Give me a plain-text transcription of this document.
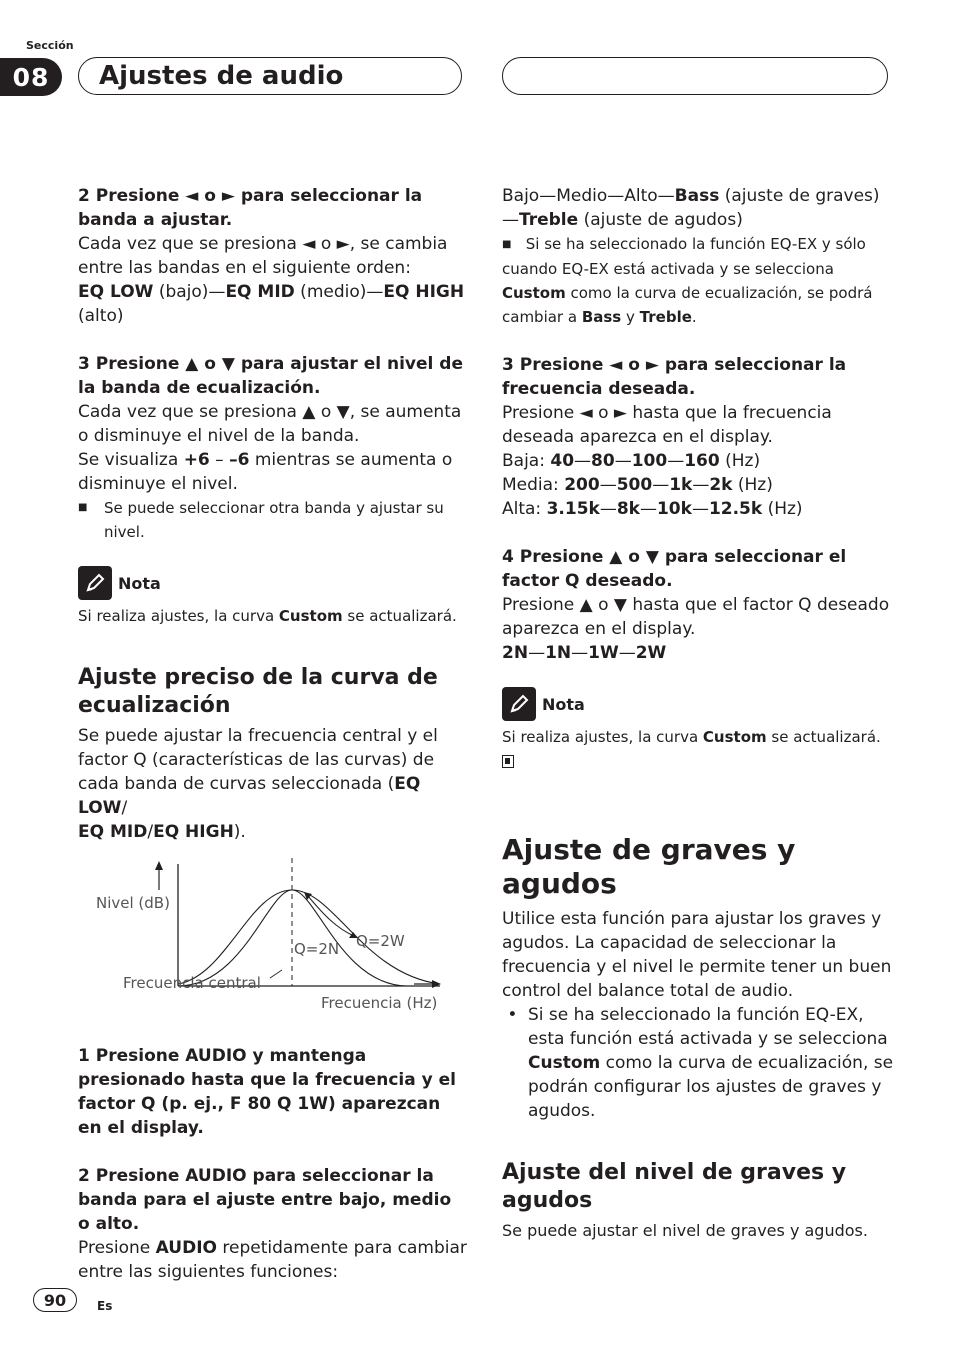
Sección
08	Ajustes de audio

2 Presione ◄ o ► para seleccionar la banda a ajustar.

Cada vez que se presiona ◄ o ►, se cambia entre las bandas en el siguiente orden:

EQ LOW (bajo)—EQ MID (medio)—EQ HIGH (alto)

3 Presione ▲ o ▼ para ajustar el nivel de la banda de ecualización.

Cada vez que se presiona ▲ o ▼, se aumenta o disminuye el nivel de la banda.

Se visualiza +6 – –6 mientras se aumenta o disminuye el nivel.

■	Se puede seleccionar otra banda y ajustar su nivel.

Nota

Si realiza ajustes, la curva Custom se actualizará.

Ajuste preciso de la curva de ecualización

Se puede ajustar la frecuencia central y el factor Q (características de las curvas) de cada banda de curvas seleccionada (EQ LOW/
EQ MID/EQ HIGH).

Nivel (dB)
Q=2N Q=2W
Frecuencia central
Frecuencia (Hz)

1 Presione AUDIO y mantenga presionado hasta que la frecuencia y el factor Q (p. ej., F 80 Q 1W) aparezcan en el display.

2 Presione AUDIO para seleccionar la banda para el ajuste entre bajo, medio o alto.

Presione AUDIO repetidamente para cambiar entre las siguientes funciones:

Bajo—Medio—Alto—Bass (ajuste de graves)
—Treble (ajuste de agudos)

■ Si se ha seleccionado la función EQ-EX y sólo cuando EQ-EX está activada y se selecciona Custom como la curva de ecualización, se podrá cambiar a Bass y Treble.

3 Presione ◄ o ► para seleccionar la frecuencia deseada.

Presione ◄ o ► hasta que la frecuencia deseada aparezca en el display.

Baja: 40—80—100—160 (Hz)

Media: 200—500—1k—2k (Hz)

Alta: 3.15k—8k—10k—12.5k (Hz)

4 Presione ▲ o ▼ para seleccionar el factor Q deseado.

Presione ▲ o ▼ hasta que el factor Q deseado aparezca en el display.

2N—1N—1W—2W

Nota

Si realiza ajustes, la curva Custom se actualizará.

Ajuste de graves y agudos

Utilice esta función para ajustar los graves y agudos. La capacidad de seleccionar la frecuencia y el nivel le permite tener un buen control del balance total de audio.

• Si se ha seleccionado la función EQ-EX, esta función está activada y se selecciona Custom como la curva de ecualización, se podrán configurar los ajustes de graves y agudos.
Ajuste del nivel de graves y agudos

Se puede ajustar el nivel de graves y agudos.

90	Es
